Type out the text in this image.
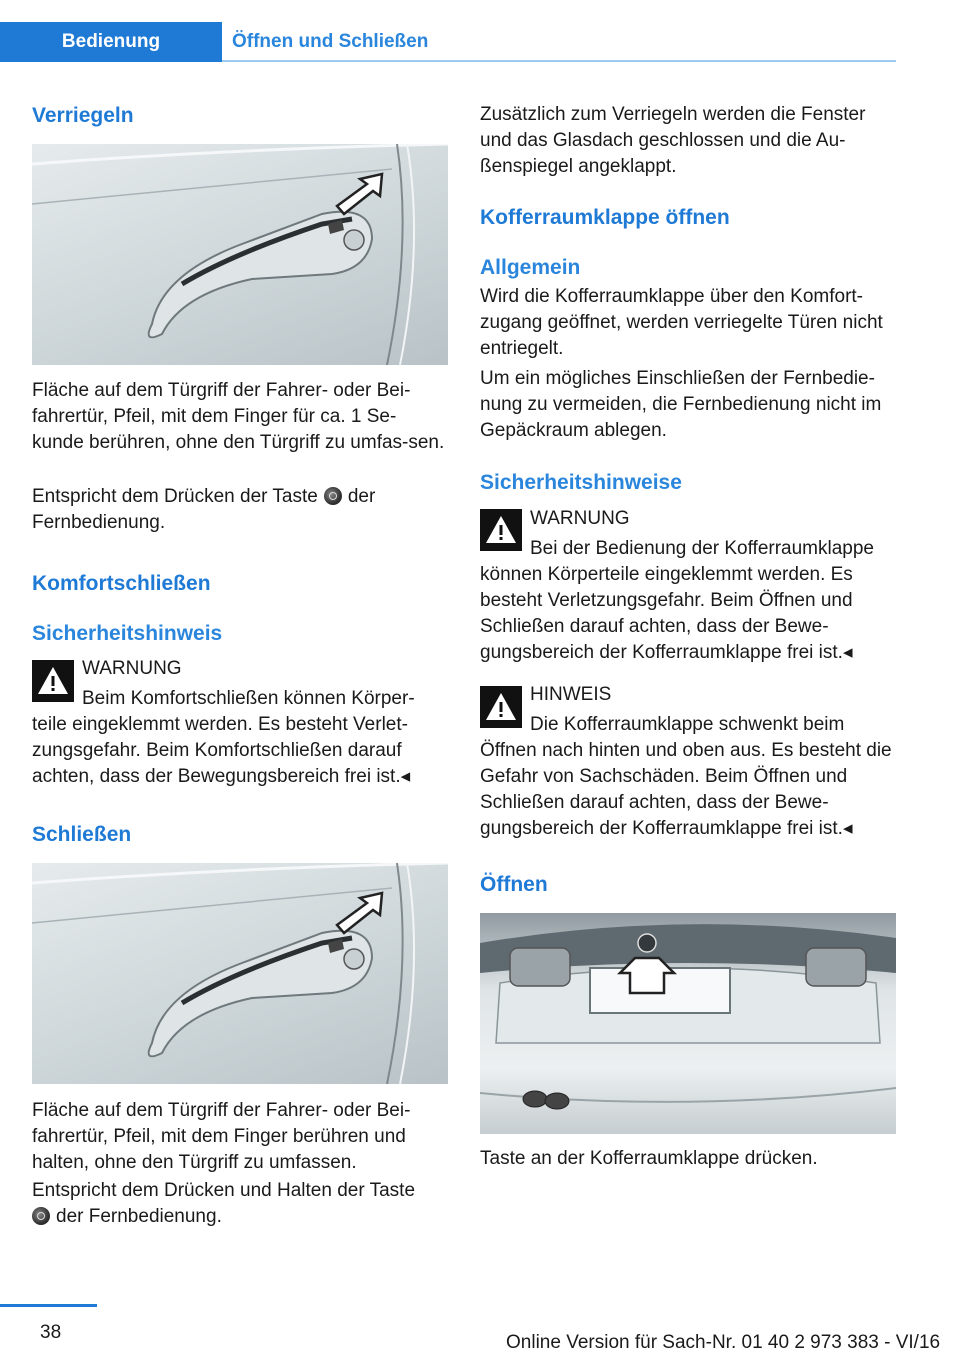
Bedienung	Öffnen und Schließen
Verriegeln

Fläche auf dem Türgriff der Fahrer- oder Bei-fahrertür, Pfeil, mit dem Finger für ca. 1 Se-kunde berühren, ohne den Türgriff zu umfas-sen.

Entspricht dem Drücken der Taste der Fernbedienung.

Komfortschließen
Sicherheitshinweis
WARNUNG

Beim Komfortschließen können Körper-teile eingeklemmt werden. Es besteht Verlet-zungsgefahr. Beim Komfortschließen darauf achten, dass der Bewegungsbereich frei ist.◂

Schließen

Fläche auf dem Türgriff der Fahrer- oder Bei-fahrertür, Pfeil, mit dem Finger berühren und halten, ohne den Türgriff zu umfassen.

Entspricht dem Drücken und Halten der Taste
der Fernbedienung.

Zusätzlich zum Verriegeln werden die Fenster und das Glasdach geschlossen und die Au-ßenspiegel angeklappt.

Kofferraumklappe öffnen
Allgemein

Wird die Kofferraumklappe über den Komfort-zugang geöffnet, werden verriegelte Türen nicht entriegelt.

Um ein mögliches Einschließen der Fernbedie-nung zu vermeiden, die Fernbedienung nicht im Gepäckraum ablegen.

Sicherheitshinweise
WARNUNG

Bei der Bedienung der Kofferraumklappe können Körperteile eingeklemmt werden. Es besteht Verletzungsgefahr. Beim Öffnen und Schließen darauf achten, dass der Bewe-gungsbereich der Kofferraumklappe frei ist.◂

HINWEIS

Die Kofferraumklappe schwenkt beim Öffnen nach hinten und oben aus. Es besteht die Gefahr von Sachschäden. Beim Öffnen und Schließen darauf achten, dass der Bewe-gungsbereich der Kofferraumklappe frei ist.◂

Öffnen

Taste an der Kofferraumklappe drücken.

38	Online Version für Sach-Nr. 01 40 2 973 383 - VI/16
